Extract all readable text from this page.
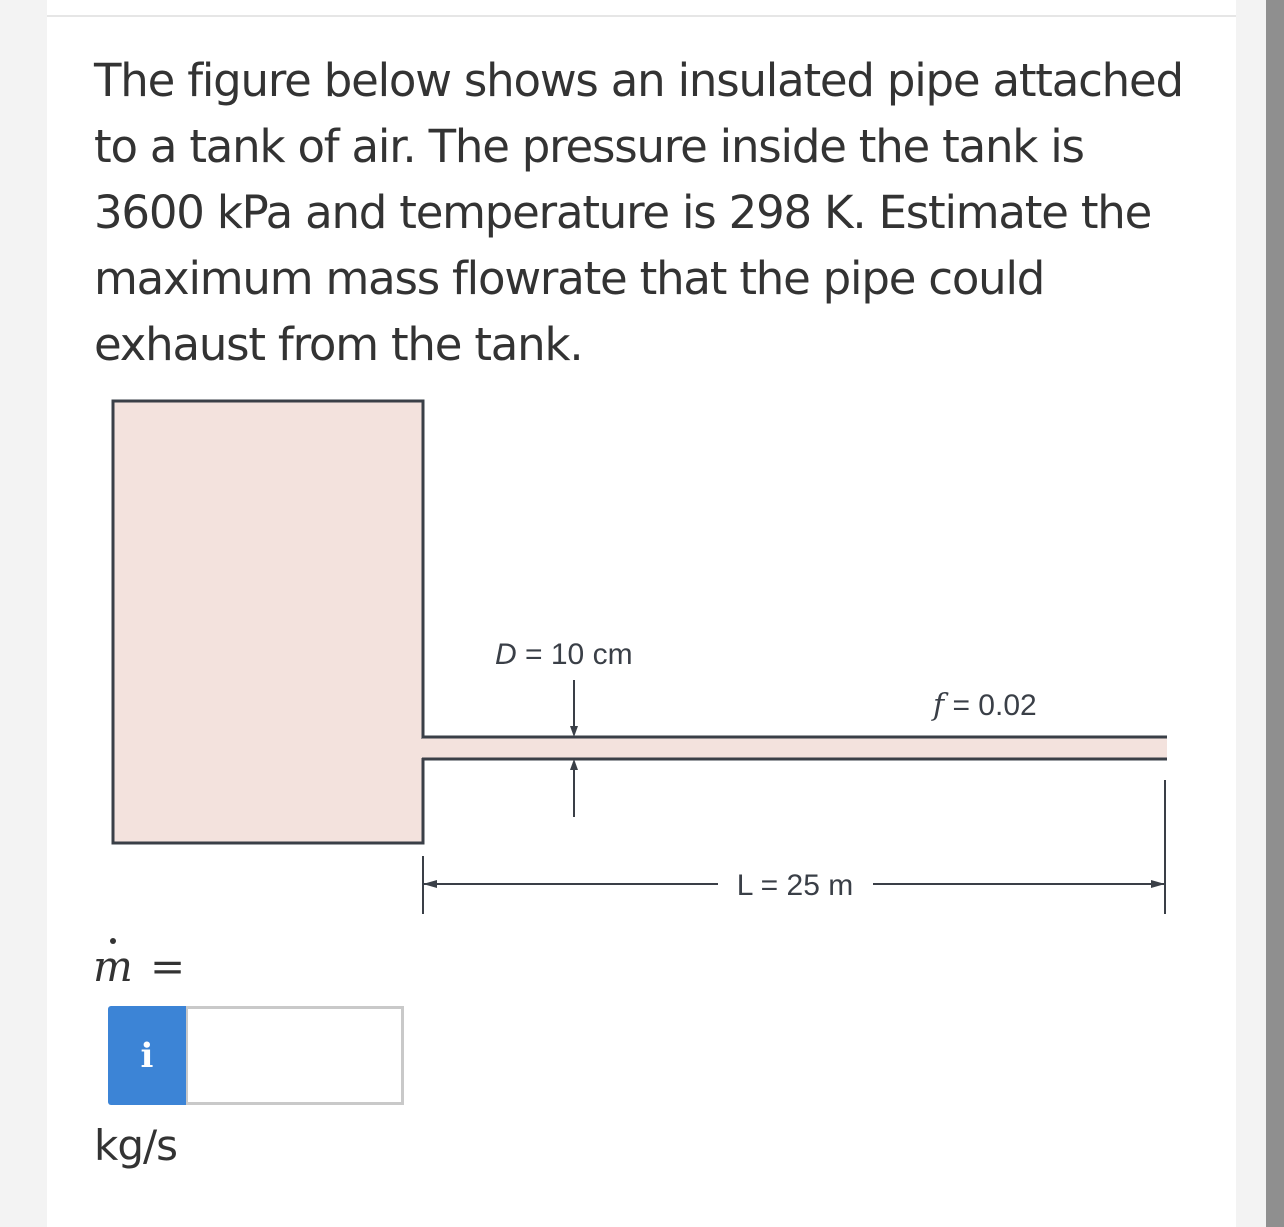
The figure below shows an insulated pipe attached to a tank of air. The pressure inside the tank is 3600 kPa and temperature is 298 K. Estimate the maximum mass flowrate that the pipe could exhaust from the tank.

D = 10 cm
f = 0.02
L = 25 m
m =
i
kg/s
